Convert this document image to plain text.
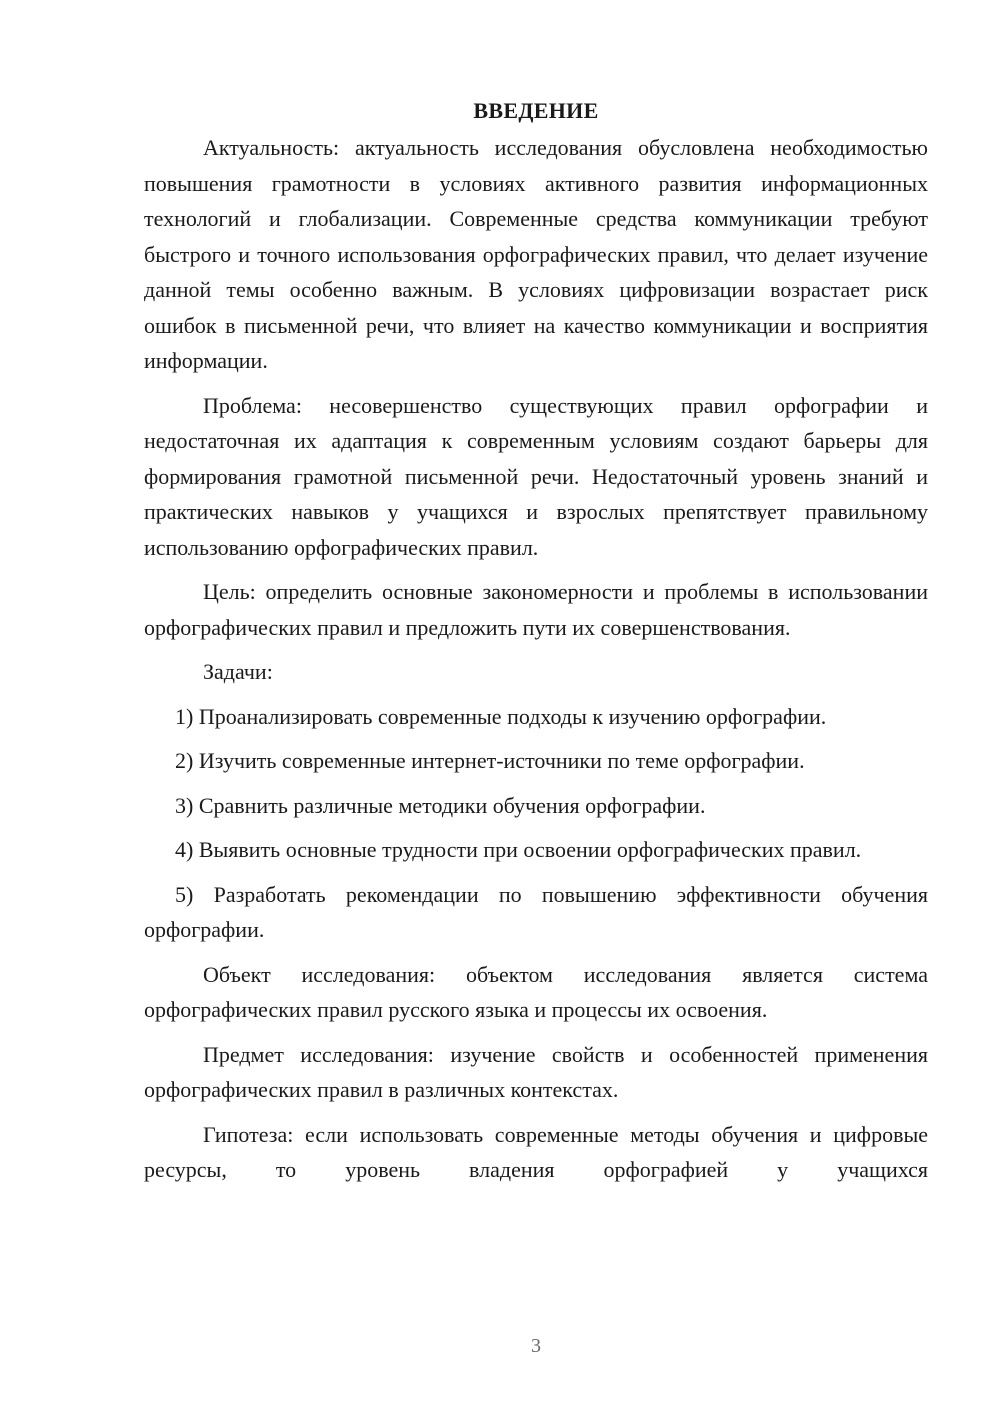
ВВЕДЕНИЕ

Актуальность: актуальность исследования обусловлена необходимостью повышения грамотности в условиях активного развития информационных технологий и глобализации. Современные средства коммуникации требуют быстрого и точного использования орфографических правил, что делает изучение данной темы особенно важным. В условиях цифровизации возрастает риск ошибок в письменной речи, что влияет на качество коммуникации и восприятия информации.

Проблема: несовершенство существующих правил орфографии и недостаточная их адаптация к современным условиям создают барьеры для формирования грамотной письменной речи. Недостаточный уровень знаний и практических навыков у учащихся и взрослых препятствует правильному использованию орфографических правил.

Цель: определить основные закономерности и проблемы в использовании орфографических правил и предложить пути их совершенствования.

Задачи:

1) Проанализировать современные подходы к изучению орфографии.

2) Изучить современные интернет-источники по теме орфографии.

3) Сравнить различные методики обучения орфографии.

4) Выявить основные трудности при освоении орфографических правил.

5) Разработать рекомендации по повышению эффективности обучения орфографии.

Объект исследования: объектом исследования является система орфографических правил русского языка и процессы их освоения.

Предмет исследования: изучение свойств и особенностей применения орфографических правил в различных контекстах.

Гипотеза: если использовать современные методы обучения и цифровые ресурсы, то уровень владения орфографией у учащихся

3
